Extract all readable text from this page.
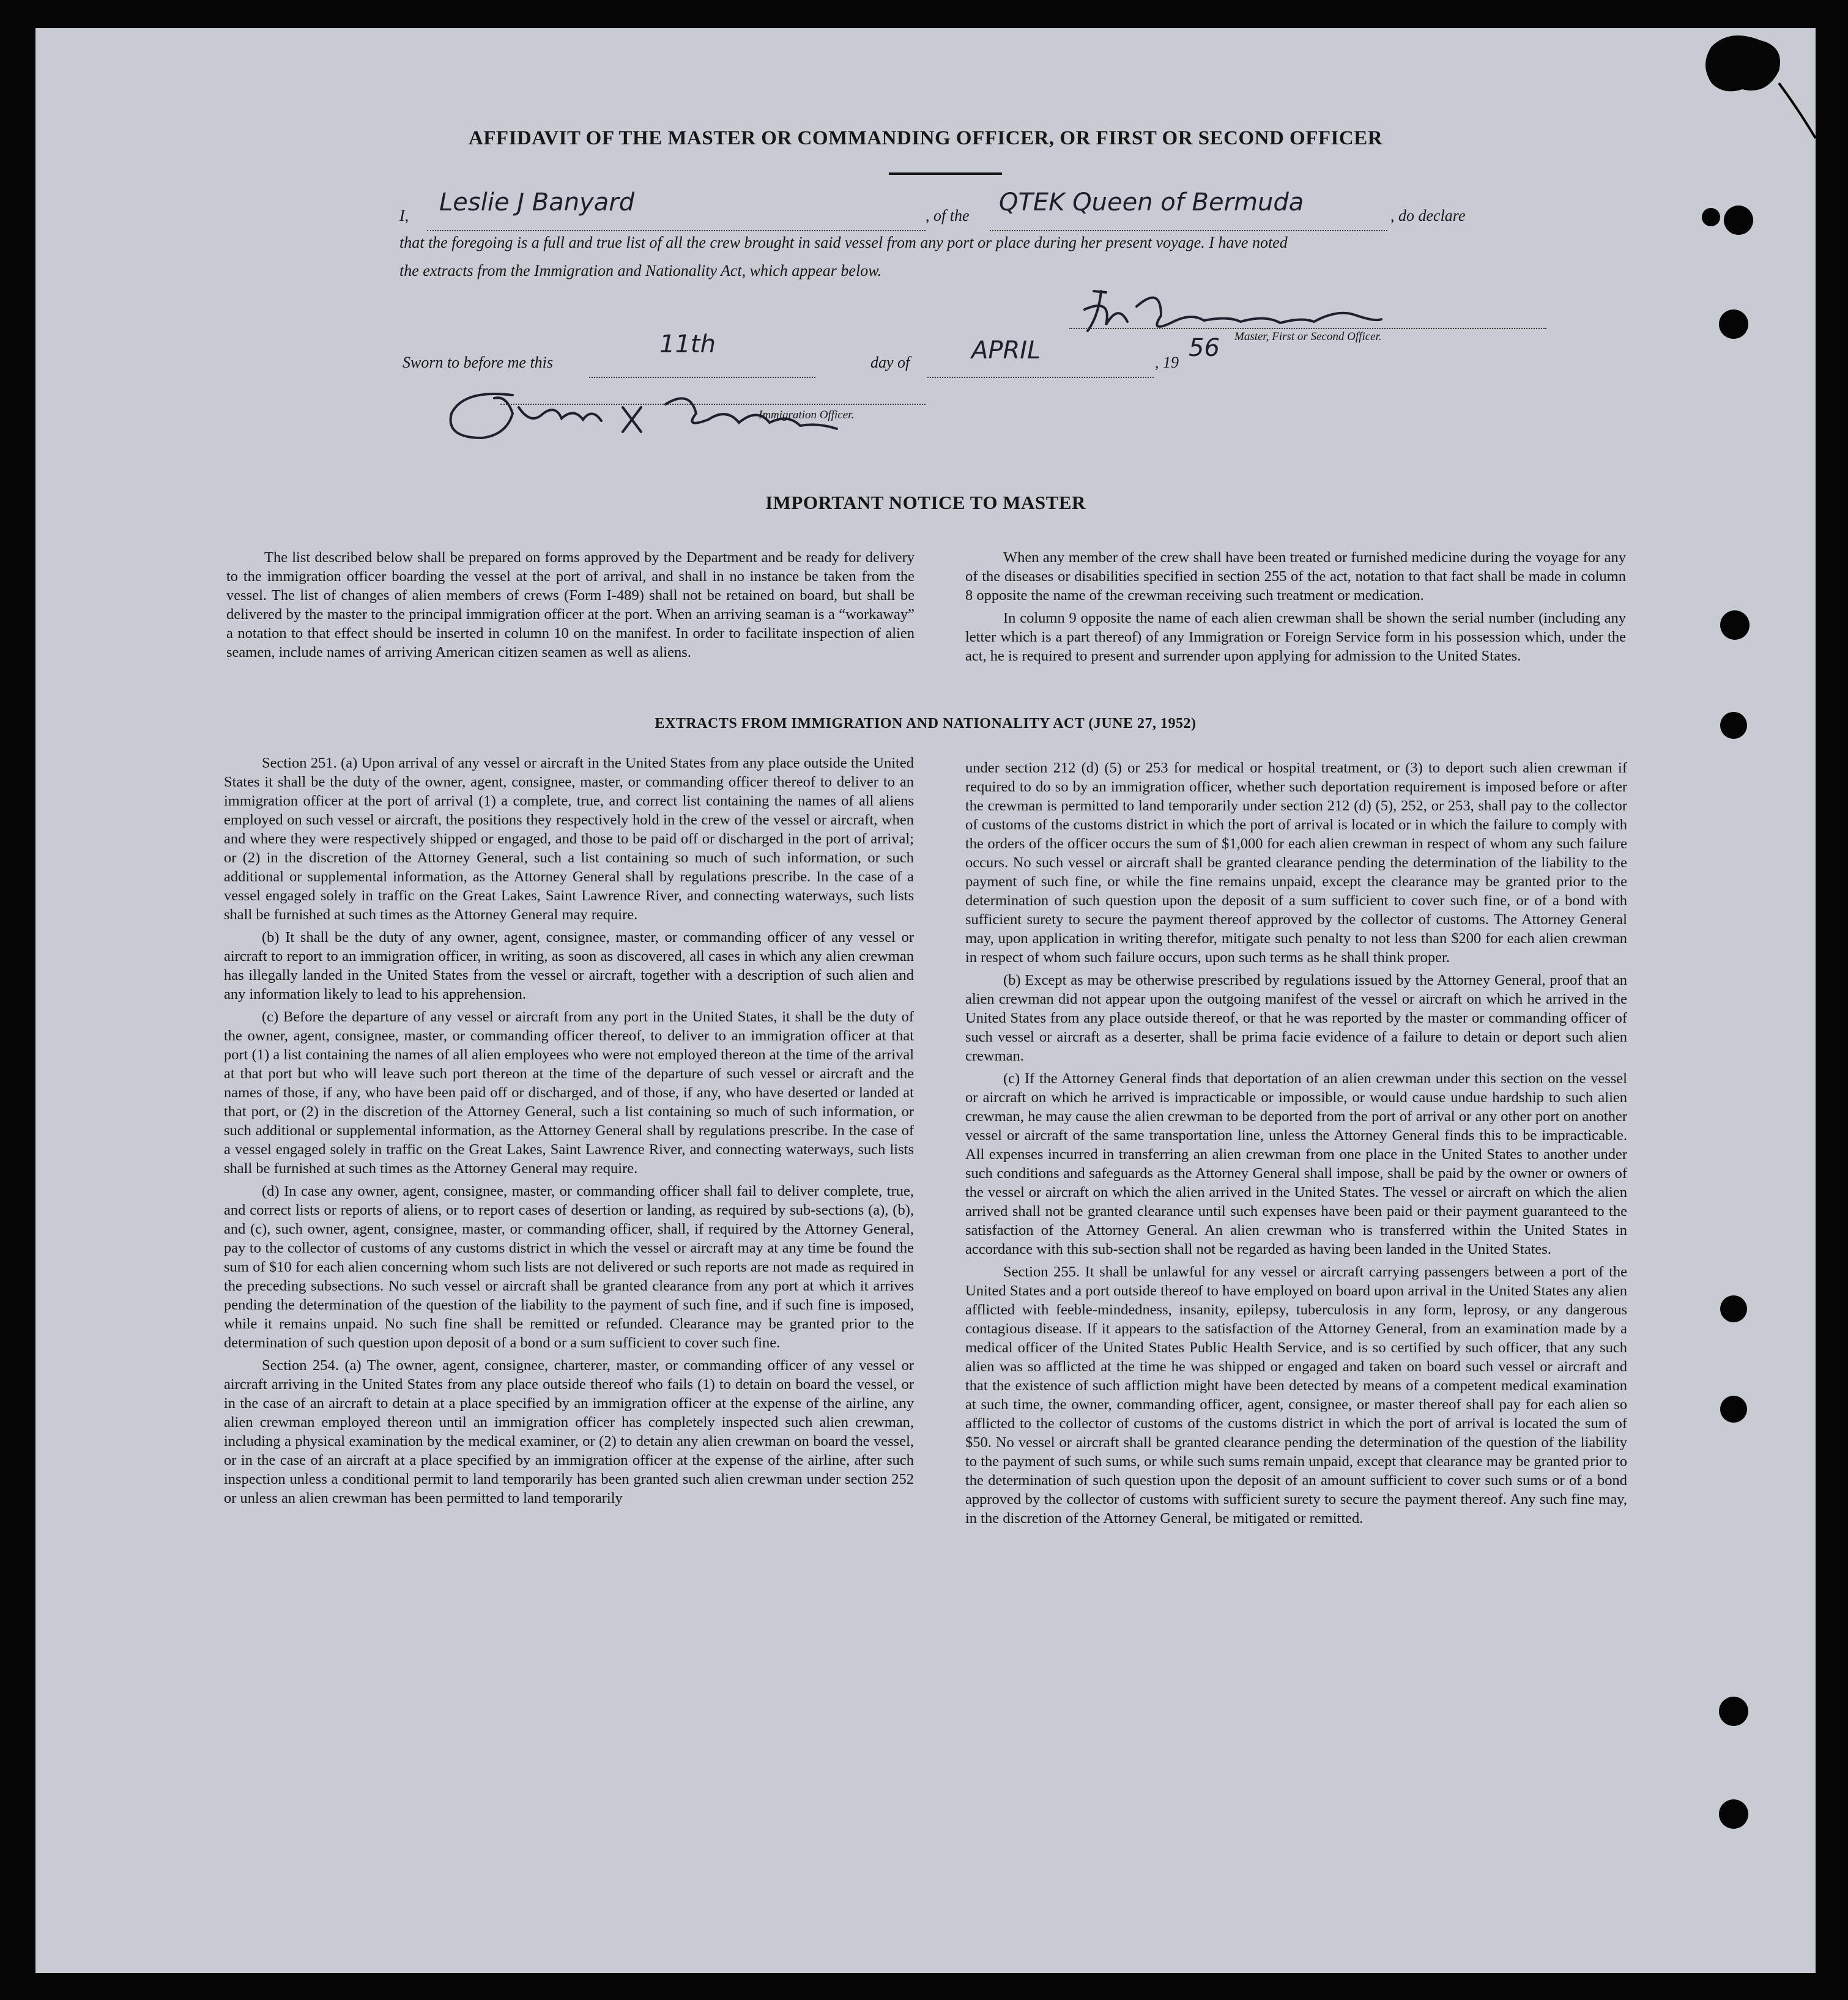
AFFIDAVIT OF THE MASTER OR COMMANDING OFFICER, OR FIRST OR SECOND OFFICER
I, Leslie J Banyard	, of the QTEK Queen of Bermuda	, do declare
that the foregoing is a full and true list of all the crew brought in said vessel from any port or place during her present voyage. I have noted
the extracts from the Immigration and Nationality Act, which appear below.
Master, First or Second Officer.
Sworn to before me this
11th
day of	APRIL	, 19
56
Immigration Officer.
IMPORTANT NOTICE TO MASTER

The list described below shall be prepared on forms approved by the Department and be ready for delivery to the immigration officer boarding the vessel at the port of arrival, and shall in no instance be taken from the vessel. The list of changes of alien members of crews (Form I-489) shall not be retained on board, but shall be delivered by the master to the principal immigration officer at the port. When an arriving seaman is a “workaway” a notation to that effect should be inserted in column 10 on the manifest. In order to facilitate inspection of alien seamen, include names of arriving American citizen seamen as well as aliens.

When any member of the crew shall have been treated or furnished medicine during the voyage for any of the diseases or disabilities specified in section 255 of the act, notation to that fact shall be made in column 8 opposite the name of the crewman receiving such treatment or medication.

In column 9 opposite the name of each alien crewman shall be shown the serial number (including any letter which is a part thereof) of any Immigration or Foreign Service form in his possession which, under the act, he is required to present and surrender upon applying for admission to the United States.

EXTRACTS FROM IMMIGRATION AND NATIONALITY ACT (JUNE 27, 1952)

Section 251. (a) Upon arrival of any vessel or aircraft in the United States from any place outside the United States it shall be the duty of the owner, agent, consignee, master, or commanding officer thereof to deliver to an immigration officer at the port of arrival (1) a complete, true, and correct list containing the names of all aliens employed on such vessel or aircraft, the positions they respectively hold in the crew of the vessel or aircraft, when and where they were respectively shipped or engaged, and those to be paid off or discharged in the port of arrival; or (2) in the discretion of the Attorney General, such a list containing so much of such information, or such additional or supplemental information, as the Attorney General shall by regulations prescribe. In the case of a vessel engaged solely in traffic on the Great Lakes, Saint Lawrence River, and connecting waterways, such lists shall be furnished at such times as the Attorney General may require.

(b) It shall be the duty of any owner, agent, consignee, master, or commanding officer of any vessel or aircraft to report to an immigration officer, in writing, as soon as discovered, all cases in which any alien crewman has illegally landed in the United States from the vessel or aircraft, together with a description of such alien and any information likely to lead to his apprehension.

(c) Before the departure of any vessel or aircraft from any port in the United States, it shall be the duty of the owner, agent, consignee, master, or commanding officer thereof, to deliver to an immigration officer at that port (1) a list containing the names of all alien employees who were not employed thereon at the time of the arrival at that port but who will leave such port thereon at the time of the departure of such vessel or aircraft and the names of those, if any, who have been paid off or discharged, and of those, if any, who have deserted or landed at that port, or (2) in the discretion of the Attorney General, such a list containing so much of such information, or such additional or supplemental information, as the Attorney General shall by regulations prescribe. In the case of a vessel engaged solely in traffic on the Great Lakes, Saint Lawrence River, and connecting waterways, such lists shall be furnished at such times as the Attorney General may require.

(d) In case any owner, agent, consignee, master, or commanding officer shall fail to deliver complete, true, and correct lists or reports of aliens, or to report cases of desertion or landing, as required by sub-sections (a), (b), and (c), such owner, agent, consignee, master, or commanding officer, shall, if required by the Attorney General, pay to the collector of customs of any customs district in which the vessel or aircraft may at any time be found the sum of $10 for each alien concerning whom such lists are not delivered or such reports are not made as required in the preceding subsections. No such vessel or aircraft shall be granted clearance from any port at which it arrives pending the determination of the question of the liability to the payment of such fine, and if such fine is imposed, while it remains unpaid. No such fine shall be remitted or refunded. Clearance may be granted prior to the determination of such question upon deposit of a bond or a sum sufficient to cover such fine.

Section 254. (a) The owner, agent, consignee, charterer, master, or commanding officer of any vessel or aircraft arriving in the United States from any place outside thereof who fails (1) to detain on board the vessel, or in the case of an aircraft to detain at a place specified by an immigration officer at the expense of the airline, any alien crewman employed thereon until an immigration officer has completely inspected such alien crewman, including a physical examination by the medical examiner, or (2) to detain any alien crewman on board the vessel, or in the case of an aircraft at a place specified by an immigration officer at the expense of the airline, after such inspection unless a conditional permit to land temporarily has been granted such alien crewman under section 252 or unless an alien crewman has been permitted to land temporarily

under section 212 (d) (5) or 253 for medical or hospital treatment, or (3) to deport such alien crewman if required to do so by an immigration officer, whether such deportation requirement is imposed before or after the crewman is permitted to land temporarily under section 212 (d) (5), 252, or 253, shall pay to the collector of customs of the customs district in which the port of arrival is located or in which the failure to comply with the orders of the officer occurs the sum of $1,000 for each alien crewman in respect of whom any such failure occurs. No such vessel or aircraft shall be granted clearance pending the determination of the liability to the payment of such fine, or while the fine remains unpaid, except the clearance may be granted prior to the determination of such question upon the deposit of a sum sufficient to cover such fine, or of a bond with sufficient surety to secure the payment thereof approved by the collector of customs. The Attorney General may, upon application in writing therefor, mitigate such penalty to not less than $200 for each alien crewman in respect of whom such failure occurs, upon such terms as he shall think proper.

(b) Except as may be otherwise prescribed by regulations issued by the Attorney General, proof that an alien crewman did not appear upon the outgoing manifest of the vessel or aircraft on which he arrived in the United States from any place outside thereof, or that he was reported by the master or commanding officer of such vessel or aircraft as a deserter, shall be prima facie evidence of a failure to detain or deport such alien crewman.

(c) If the Attorney General finds that deportation of an alien crewman under this section on the vessel or aircraft on which he arrived is impracticable or impossible, or would cause undue hardship to such alien crewman, he may cause the alien crewman to be deported from the port of arrival or any other port on another vessel or aircraft of the same transportation line, unless the Attorney General finds this to be impracticable. All expenses incurred in transferring an alien crewman from one place in the United States to another under such conditions and safeguards as the Attorney General shall impose, shall be paid by the owner or owners of the vessel or aircraft on which the alien arrived in the United States. The vessel or aircraft on which the alien arrived shall not be granted clearance until such expenses have been paid or their payment guaranteed to the satisfaction of the Attorney General. An alien crewman who is transferred within the United States in accordance with this sub-section shall not be regarded as having been landed in the United States.

Section 255. It shall be unlawful for any vessel or aircraft carrying passengers between a port of the United States and a port outside thereof to have employed on board upon arrival in the United States any alien afflicted with feeble-mindedness, insanity, epilepsy, tuberculosis in any form, leprosy, or any dangerous contagious disease. If it appears to the satisfaction of the Attorney General, from an examination made by a medical officer of the United States Public Health Service, and is so certified by such officer, that any such alien was so afflicted at the time he was shipped or engaged and taken on board such vessel or aircraft and that the existence of such affliction might have been detected by means of a competent medical examination at such time, the owner, commanding officer, agent, consignee, or master thereof shall pay for each alien so afflicted to the collector of customs of the customs district in which the port of arrival is located the sum of $50. No vessel or aircraft shall be granted clearance pending the determination of the question of the liability to the payment of such sums, or while such sums remain unpaid, except that clearance may be granted prior to the determination of such question upon the deposit of an amount sufficient to cover such sums or of a bond approved by the collector of customs with sufficient surety to secure the payment thereof. Any such fine may, in the discretion of the Attorney General, be mitigated or remitted.
